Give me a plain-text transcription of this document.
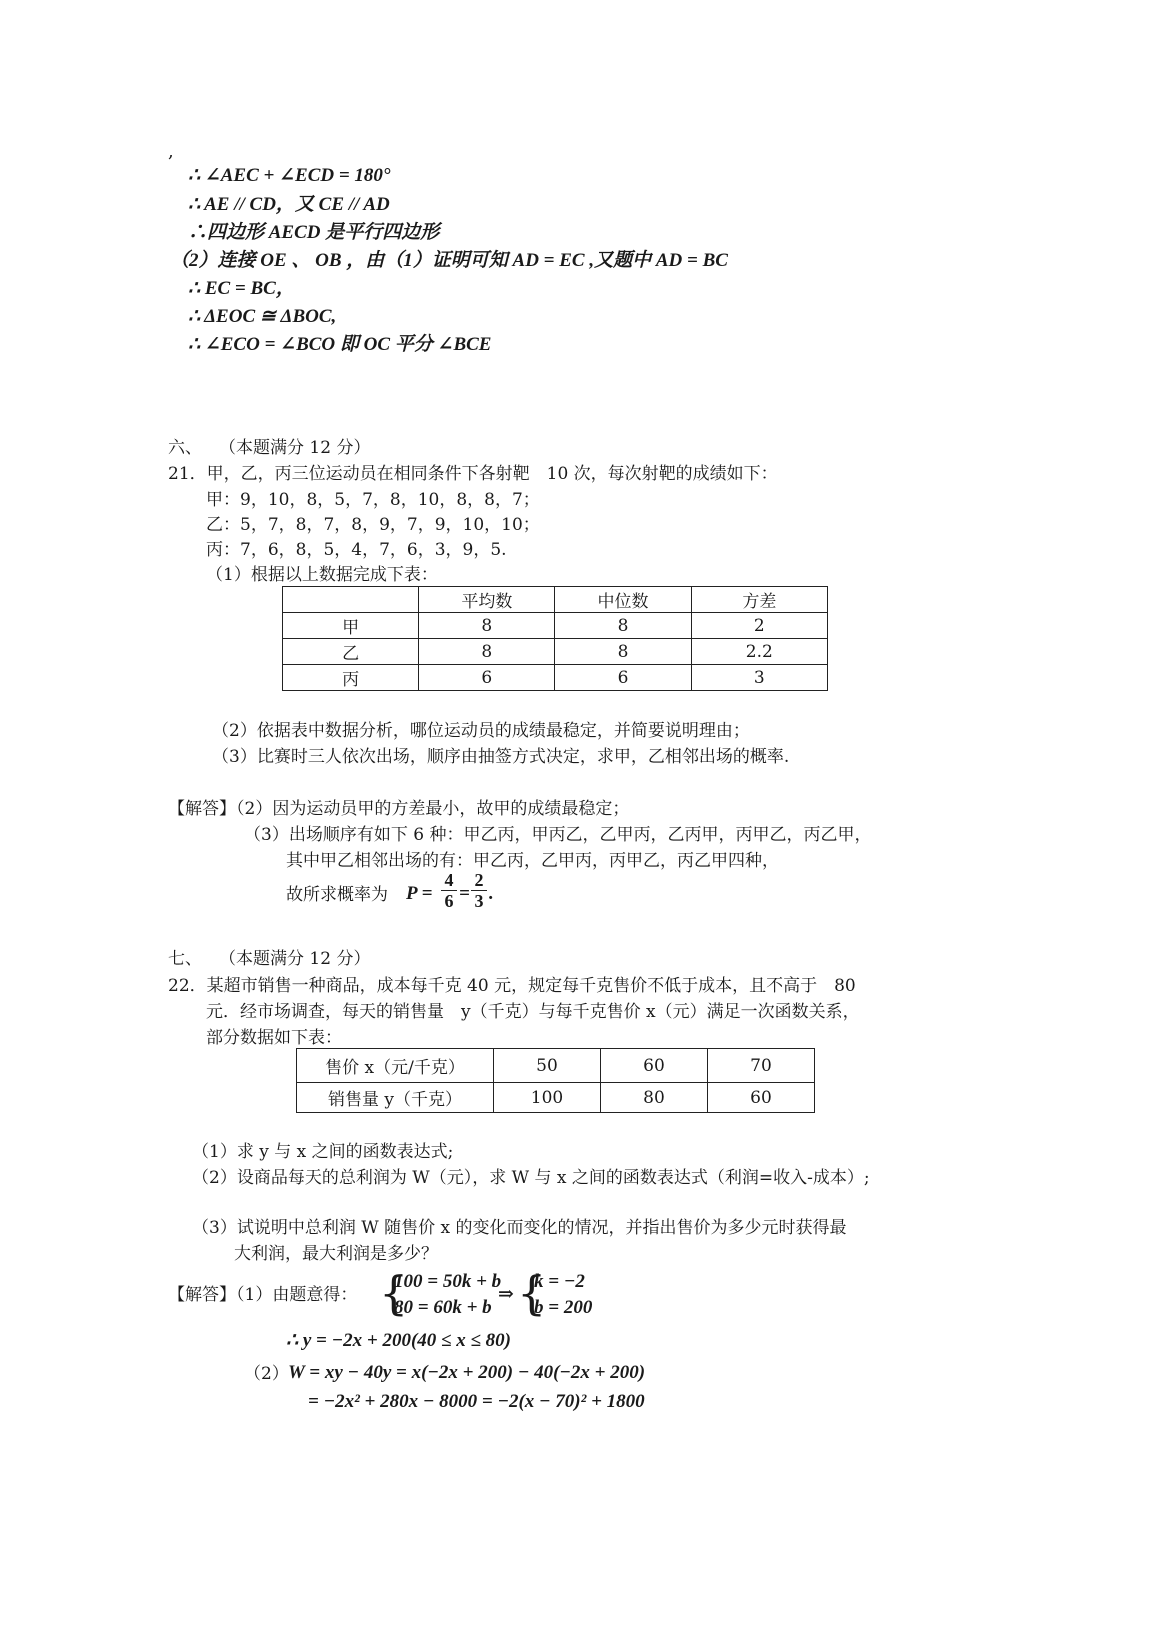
,
∴ ∠AEC + ∠ECD = 180°
∴ AE // CD，又 CE // AD
∴四边形 AECD 是平行四边形
（2）连接 OE 、 OB ，由（1）证明可知 AD = EC ,又题中 AD = BC
∴ EC = BC，
∴ ΔEOC ≅ ΔBOC,
∴ ∠ECO = ∠BCO 即 OC 平分 ∠BCE
六、　　（本题满分 12 分）
21．甲，乙，丙三位运动员在相同条件下各射靶　10 次，每次射靶的成绩如下：
甲：9，10，8，5，7，8，10，8，8，7；
乙：5，7，8，7，8，9，7，9，10，10；
丙：7，6，8，5，4，7，6，3，9，5.
（1）根据以上数据完成下表：
	平均数	中位数	方差
甲	8	8	2
乙	8	8	2.2
丙	6	6	3
（2）依据表中数据分析，哪位运动员的成绩最稳定，并简要说明理由；
（3）比赛时三人依次出场，顺序由抽签方式决定，求甲，乙相邻出场的概率.
【解答】（2）因为运动员甲的方差最小，故甲的成绩最稳定；
（3）出场顺序有如下 6 种：甲乙丙，甲丙乙，乙甲丙，乙丙甲，丙甲乙，丙乙甲，
其中甲乙相邻出场的有：甲乙丙，乙甲丙，丙甲乙，丙乙甲四种，
故所求概率为 P =
4
6 =
2
3 .
七、　　（本题满分 12 分）
22．某超市销售一种商品，成本每千克 40 元，规定每千克售价不低于成本，且不高于　80
元．经市场调查，每天的销售量　y（千克）与每千克售价 x（元）满足一次函数关系，
部分数据如下表：
售价 x（元/千克）	50	60	70
销售量 y（千克）	100	80	60
（1）求 y 与 x 之间的函数表达式;
（2）设商品每天的总利润为 W（元），求 W 与 x 之间的函数表达式（利润=收入-成本）;
（3）试说明中总利润 W 随售价 x 的变化而变化的情况，并指出售价为多少元时获得最
大利润，最大利润是多少？
【解答】（1）由题意得： {
100 = 50k + b
80 = 60k + b
⇒ {
k = −2
b = 200
∴ y = −2x + 200(40 ≤ x ≤ 80)
（2） W = xy − 40y = x(−2x + 200) − 40(−2x + 200)
= −2x² + 280x − 8000 = −2(x − 70)² + 1800
